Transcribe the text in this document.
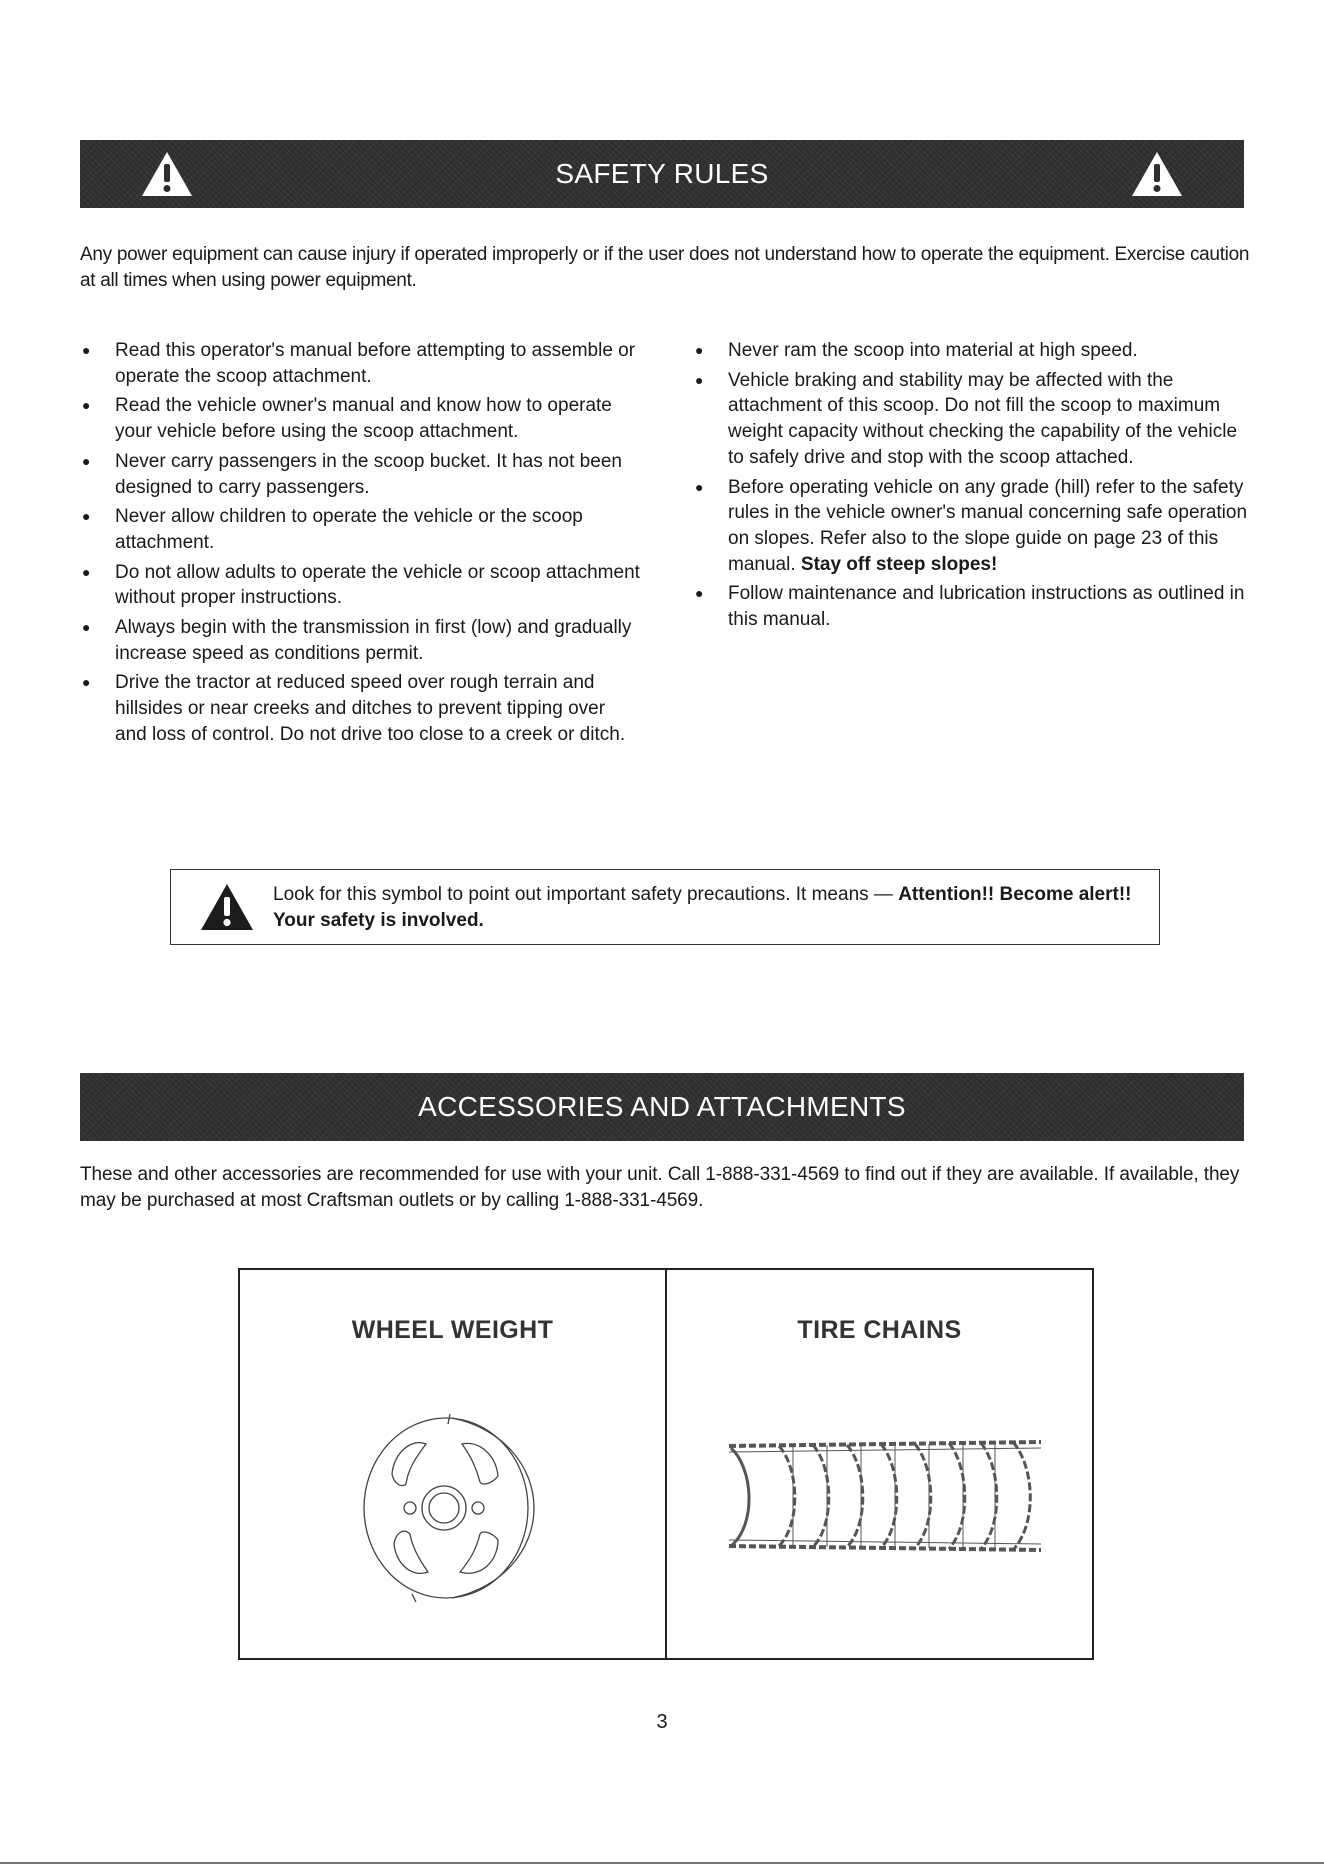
SAFETY RULES
Any power equipment can cause injury if operated improperly or if the user does not understand how to operate the equipment. Exercise caution at all times when using power equipment.
● Read this operator's manual before attempting to assemble or operate the scoop attachment.
● Read the vehicle owner's manual and know how to operate your vehicle before using the scoop attachment.
● Never carry passengers in the scoop bucket. It has not been designed to carry passengers.
● Never allow children to operate the vehicle or the scoop attachment.
● Do not allow adults to operate the vehicle or scoop attachment without proper instructions.
● Always begin with the transmission in first (low) and gradually increase speed as conditions permit.
● Drive the tractor at reduced speed over rough terrain and hillsides or near creeks and ditches to prevent tipping over and loss of control. Do not drive too close to a creek or ditch.
● Never ram the scoop into material at high speed.
● Vehicle braking and stability may be affected with the attachment of this scoop. Do not fill the scoop to maximum weight capacity without checking the capability of the vehicle to safely drive and stop with the scoop attached.
● Before operating vehicle on any grade (hill) refer to the safety rules in the vehicle owner's manual concerning safe operation on slopes. Refer also to the slope guide on page 23 of this manual. Stay off steep slopes!
● Follow maintenance and lubrication instructions as outlined in this manual.
Look for this symbol to point out important safety precautions. It means — Attention!! Become alert!! Your safety is involved.
ACCESSORIES AND ATTACHMENTS
These and other accessories are recommended for use with your unit. Call 1-888-331-4569 to find out if they are available. If available, they may be purchased at most Craftsman outlets or by calling 1-888-331-4569.
WHEEL WEIGHT	TIRE CHAINS
3
